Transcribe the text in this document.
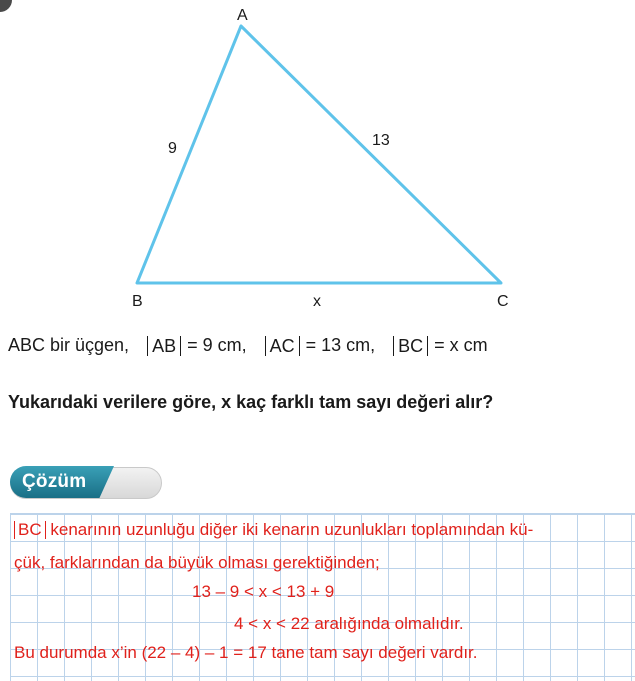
A
B	C
9	13
x
ABC bir üçgen, AB = 9 cm, AC = 13 cm, BC = x cm
Yukarıdaki verilere göre, x kaç farklı tam sayı değeri alır?
Çözüm
BC kenarının uzunluğu diğer iki kenarın uzunlukları toplamından kü-
çük, farklarından da büyük olması gerektiğinden;
13 – 9 < x < 13 + 9
4 < x < 22 aralığında olmalıdır.
Bu durumda x’in (22 – 4) – 1 = 17 tane tam sayı değeri vardır.
